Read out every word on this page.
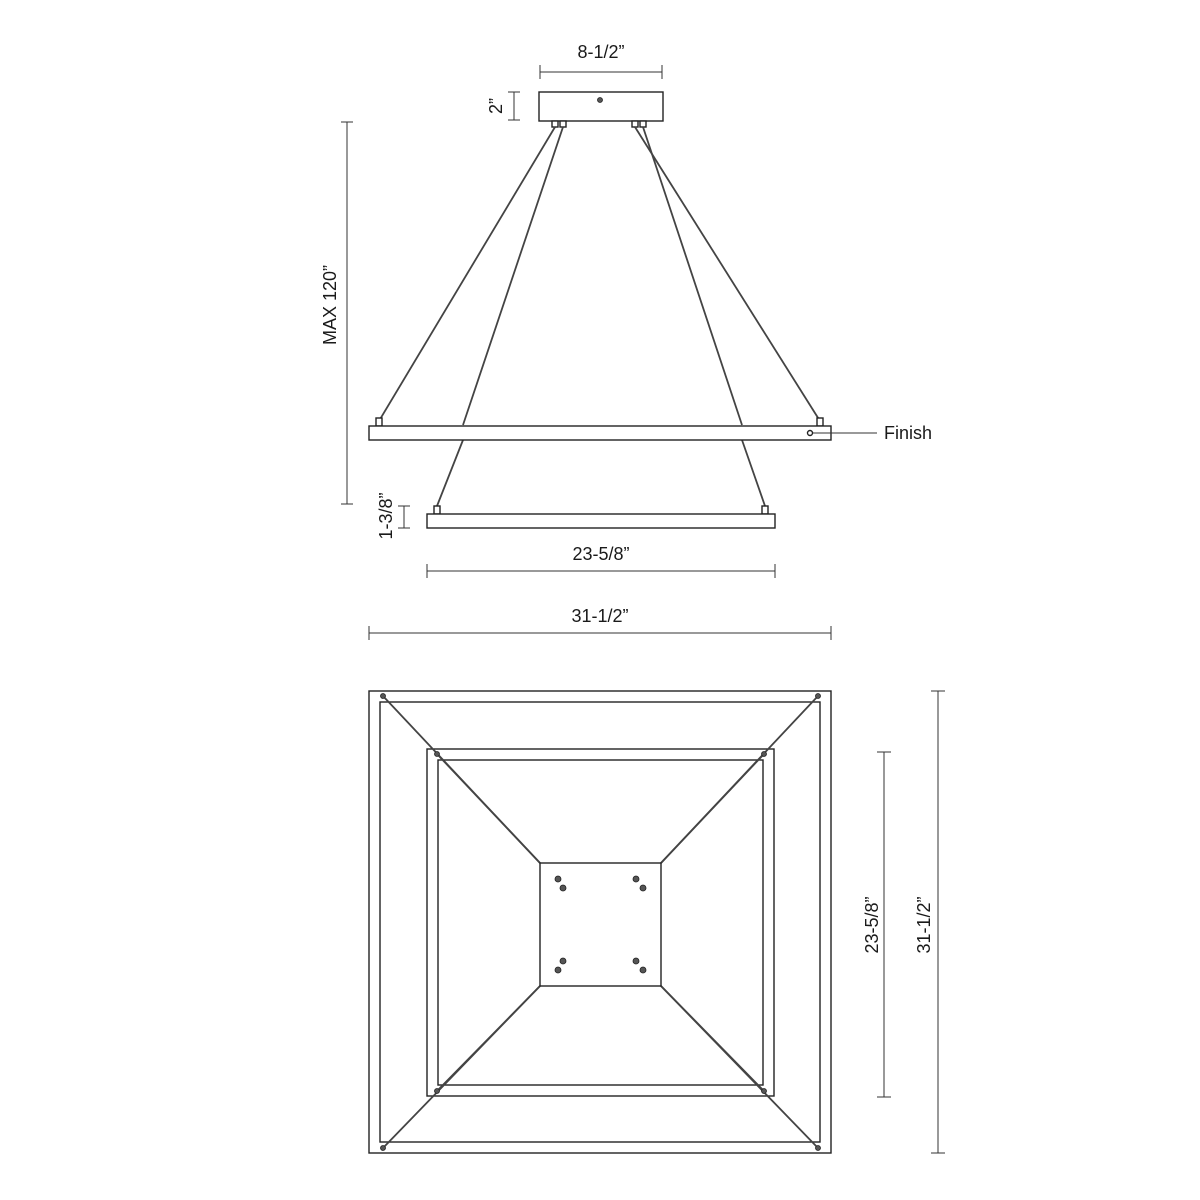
8-1/2”
2”
MAX 120”
Finish
1-3/8”
23-5/8”
31-1/2”
23-5/8” 31-1/2”
